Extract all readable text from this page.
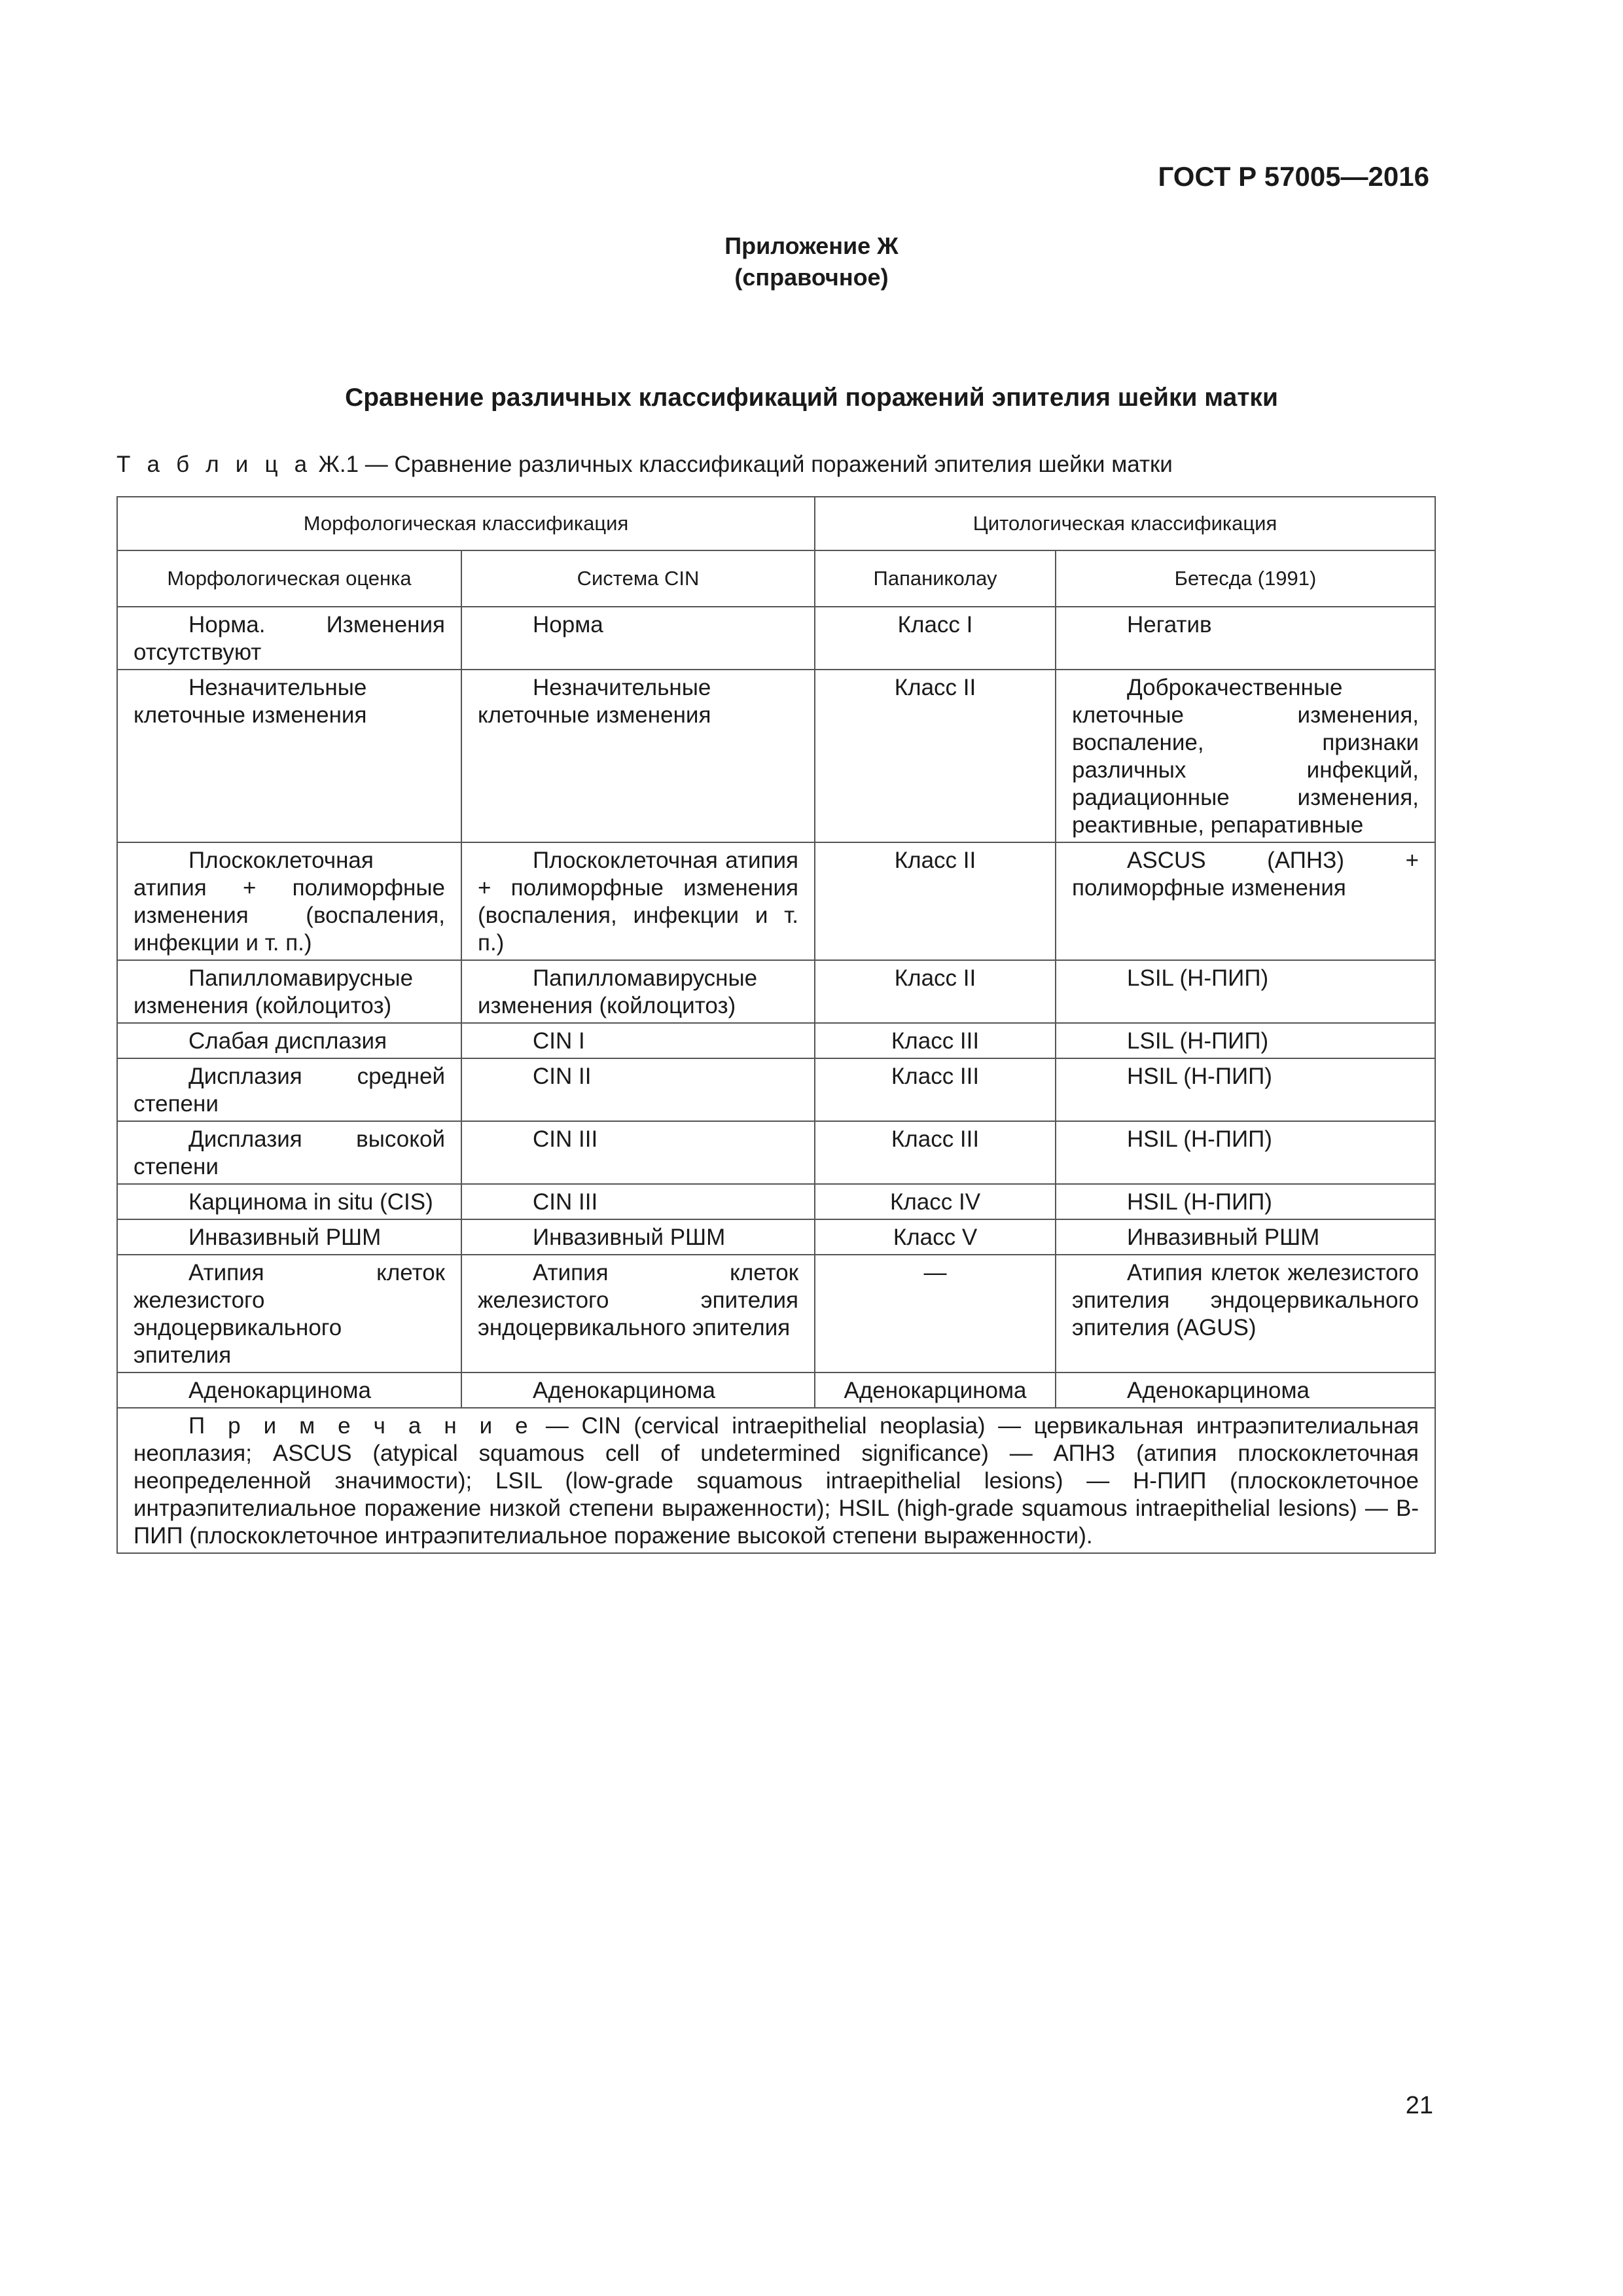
ГОСТ Р 57005—2016
Приложение Ж
(справочное)
Сравнение различных классификаций поражений эпителия шейки матки
Т а б л и ц а Ж.1 — Сравнение различных классификаций поражений эпителия шейки матки
Морфологическая классификация		Цитологическая классификация	
Морфологическая оценка	Система CIN	Папаниколау	Бетесда (1991)
Норма. Изменения отсутствуют	Норма	Класс I	Негатив
Незначительные клеточные изменения	Незначительные клеточные изменения	Класс II	Доброкачественные клеточные изменения, воспаление, признаки различных инфекций, радиационные изменения, реактивные, репаративные
Плоскоклеточная атипия + полиморфные изменения (воспаления, инфекции и т. п.)	Плоскоклеточная атипия + полиморфные изменения (воспаления, инфекции и т. п.)	Класс II	ASCUS (АПНЗ) + полиморфные изменения
Папилломавирусные изменения (койлоцитоз)	Папилломавирусные изменения (койлоцитоз)	Класс II	LSIL (Н-ПИП)
Слабая дисплазия	CIN I	Класс III	LSIL (Н-ПИП)
Дисплазия средней степени	CIN II	Класс III	HSIL (Н-ПИП)
Дисплазия высокой степени	CIN III	Класс III	HSIL (Н-ПИП)
Карцинома in situ (CIS)	CIN III	Класс IV	HSIL (Н-ПИП)
Инвазивный РШМ	Инвазивный РШМ	Класс V	Инвазивный РШМ
Атипия клеток железистого эндоцервикального эпителия	Атипия клеток железистого эпителия эндоцервикального эпителия	—	Атипия клеток железистого эпителия эндоцервикального эпителия (AGUS)
Аденокарцинома	Аденокарцинома	Аденокарцинома	Аденокарцинома
П р и м е ч а н и е — CIN (cervical intraepithelial neoplasia) — цервикальная интраэпителиальная неоплазия; ASCUS (atypical squamous cell of undetermined significance) — АПНЗ (атипия плоскоклеточная неопределенной значимости); LSIL (low-grade squamous intraepithelial lesions) — Н-ПИП (плоскоклеточное интраэпителиальное поражение низкой степени выраженности); HSIL (high-grade squamous intraepithelial lesions) — В-ПИП (плоскоклеточное интраэпителиальное поражение высокой степени выраженности).			
21
